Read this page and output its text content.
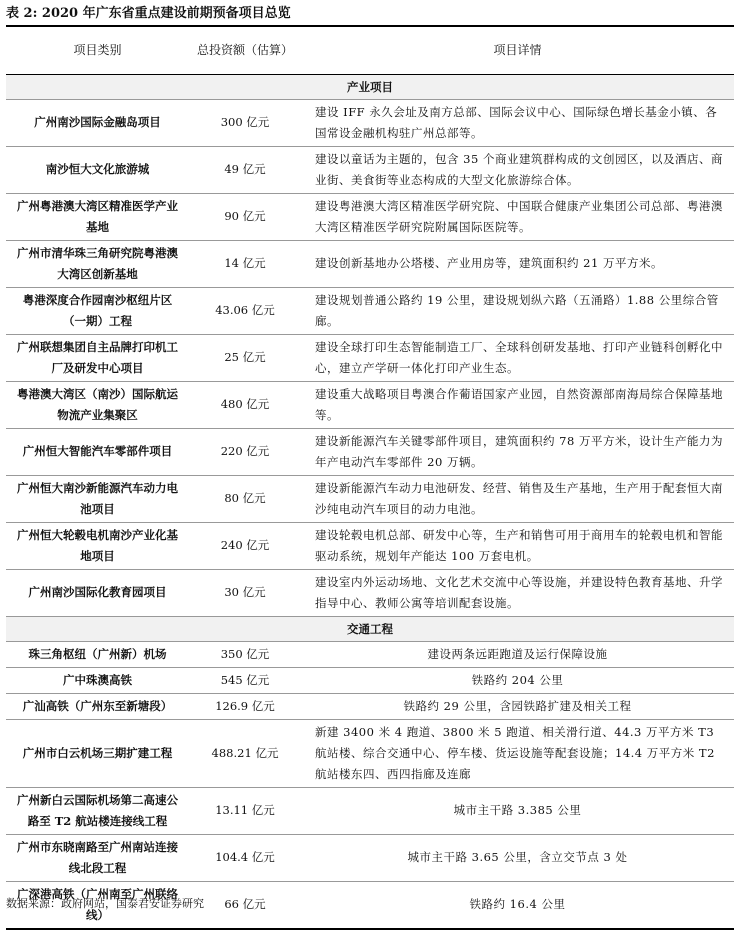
表 2: 2020 年广东省重点建设前期预备项目总览
项目类别	总投资额（估算）	项目详情
产业项目		
广州南沙国际金融岛项目	300 亿元	建设 IFF 永久会址及南方总部、国际会议中心、国际绿色增长基金小镇、各国常设金融机构驻广州总部等。
南沙恒大文化旅游城	49 亿元	建设以童话为主题的，包含 35 个商业建筑群构成的文创园区，以及酒店、商业街、美食街等业态构成的大型文化旅游综合体。
广州粤港澳大湾区精准医学产业基地	90 亿元	建设粤港澳大湾区精准医学研究院、中国联合健康产业集团公司总部、粤港澳大湾区精准医学研究院附属国际医院等。
广州市清华珠三角研究院粤港澳大湾区创新基地	14 亿元	建设创新基地办公塔楼、产业用房等，建筑面积约 21 万平方米。
粤港深度合作园南沙枢纽片区（一期）工程	43.06 亿元	建设规划普通公路约 19 公里，建设规划纵六路（五涌路）1.88 公里综合管廊。
广州联想集团自主品牌打印机工厂及研发中心项目	25 亿元	建设全球打印生态智能制造工厂、全球科创研发基地、打印产业链科创孵化中心，建立产学研一体化打印产业生态。
粤港澳大湾区（南沙）国际航运物流产业集聚区	480 亿元	建设重大战略项目粤澳合作葡语国家产业园，自然资源部南海局综合保障基地等。
广州恒大智能汽车零部件项目	220 亿元	建设新能源汽车关键零部件项目，建筑面积约 78 万平方米，设计生产能力为年产电动汽车零部件 20 万辆。
广州恒大南沙新能源汽车动力电池项目	80 亿元	建设新能源汽车动力电池研发、经营、销售及生产基地，生产用于配套恒大南沙纯电动汽车项目的动力电池。
广州恒大轮毂电机南沙产业化基地项目	240 亿元	建设轮毂电机总部、研发中心等，生产和销售可用于商用车的轮毂电机和智能驱动系统，规划年产能达 100 万套电机。
广州南沙国际化教育园项目	30 亿元	建设室内外运动场地、文化艺术交流中心等设施，并建设特色教育基地、升学指导中心、教师公寓等培训配套设施。
交通工程		
珠三角枢纽（广州新）机场	350 亿元	建设两条远距跑道及运行保障设施
广中珠澳高铁	545 亿元	铁路约 204 公里
广汕高铁（广州东至新塘段）	126.9 亿元	铁路约 29 公里，含园铁路扩建及相关工程
广州市白云机场三期扩建工程	488.21 亿元	新建 3400 米 4 跑道、3800 米 5 跑道、相关滑行道、44.3 万平方米 T3 航站楼、综合交通中心、停车楼、货运设施等配套设施；14.4 万平方米 T2 航站楼东四、西四指廊及连廊
广州新白云国际机场第二高速公路至 T2 航站楼连接线工程	13.11 亿元	城市主干路 3.385 公里
广州市东晓南路至广州南站连接线北段工程	104.4 亿元	城市主干路 3.65 公里，含立交节点 3 处
广深港高铁（广州南至广州联络线）	66 亿元	铁路约 16.4 公里
数据来源：政府网站，国泰君安证券研究
